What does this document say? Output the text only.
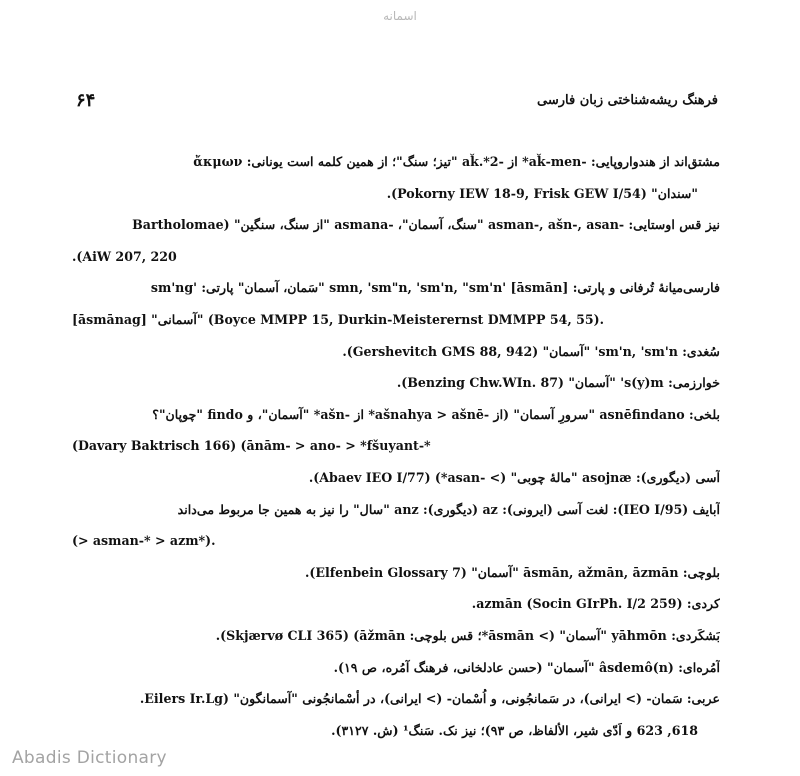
اسمانه
۶۴	فرهنگ ریشه‌شناختی زبان فارسی
مشتق‌اند از هندواروپایی: -aǩ-men* از -aǩ.*2 "تیز؛ سنگ"؛ از همین کلمه است یونانی: ἄκμων
"سندان" (Pokorny IEW 18-9, Frisk GEW I/54).
نیز قس اوستایی: -asman-, ašn-, asan "سنگ، آسمان"، -asmana "از سنگ، سنگین" (Bartholomae
.(AiW 207, 220
فارسی‌میانهٔ تُرفانی و پارتی: [āsmān] 'smn, 'sm"n, 'sm'n, "sm'n "سَمان، آسمان" پارتی: 'sm'ng
[āsmānag] "آسمانی" (Boyce MMPP 15, Durkin-Meisterernst DMMPP 54, 55).
سُغدی: sm'n, 'sm'n' "آسمان" (Gershevitch GMS 88, 942).
خوارزمی: s(y)m' "آسمان" (Benzing Chw.WIn. 87).
بلخی: asnēfindano "سرورِ آسمان" (از -ašnahya > ašnē* از -ašn* "آسمان"، و findo "چوپان"؟
(Davary Baktrisch 166) (ānām- > ano- > *fšuyant-*
آسی (دیگوری): asojnæ "مالهٔ چوبی" (> -asan*) (Abaev IEO I/77).
آبایف (IEO I/95): لغت آسی (ایرونی): az (دیگوری): anz "سال" را نیز به همین جا مربوط می‌داند
(> asman-* > azm*).
بلوچی: āsmān, ažmān, āzmān "آسمان" (Elfenbein Glossary 7).
کردی: azmān (Socin GIrPh. I/2 259).
بَشکَردی: yāhmōn "آسمان" (> āsmān*؛ قس بلوچی: āžmān) (Skjærvø CLI 365).
آمُره‌ای: âsdemô(n) "آسمان" (حسن عادلخانی، فرهنگ آمُره، ص ۱۹).
عربی: سَمان- (> ایرانی)، در سَمانجُونی، و اُسْمان- (> ایرانی)، در أسْمانجُونی "آسمانگون" (Eilers Ir.Lg.
618, 623 و اَدّی شیر، الألفاظ، ص ۹۳)؛ نیز نک. سَنگ¹ (ش. ۳۱۲۷).
Abadis Dictionary
